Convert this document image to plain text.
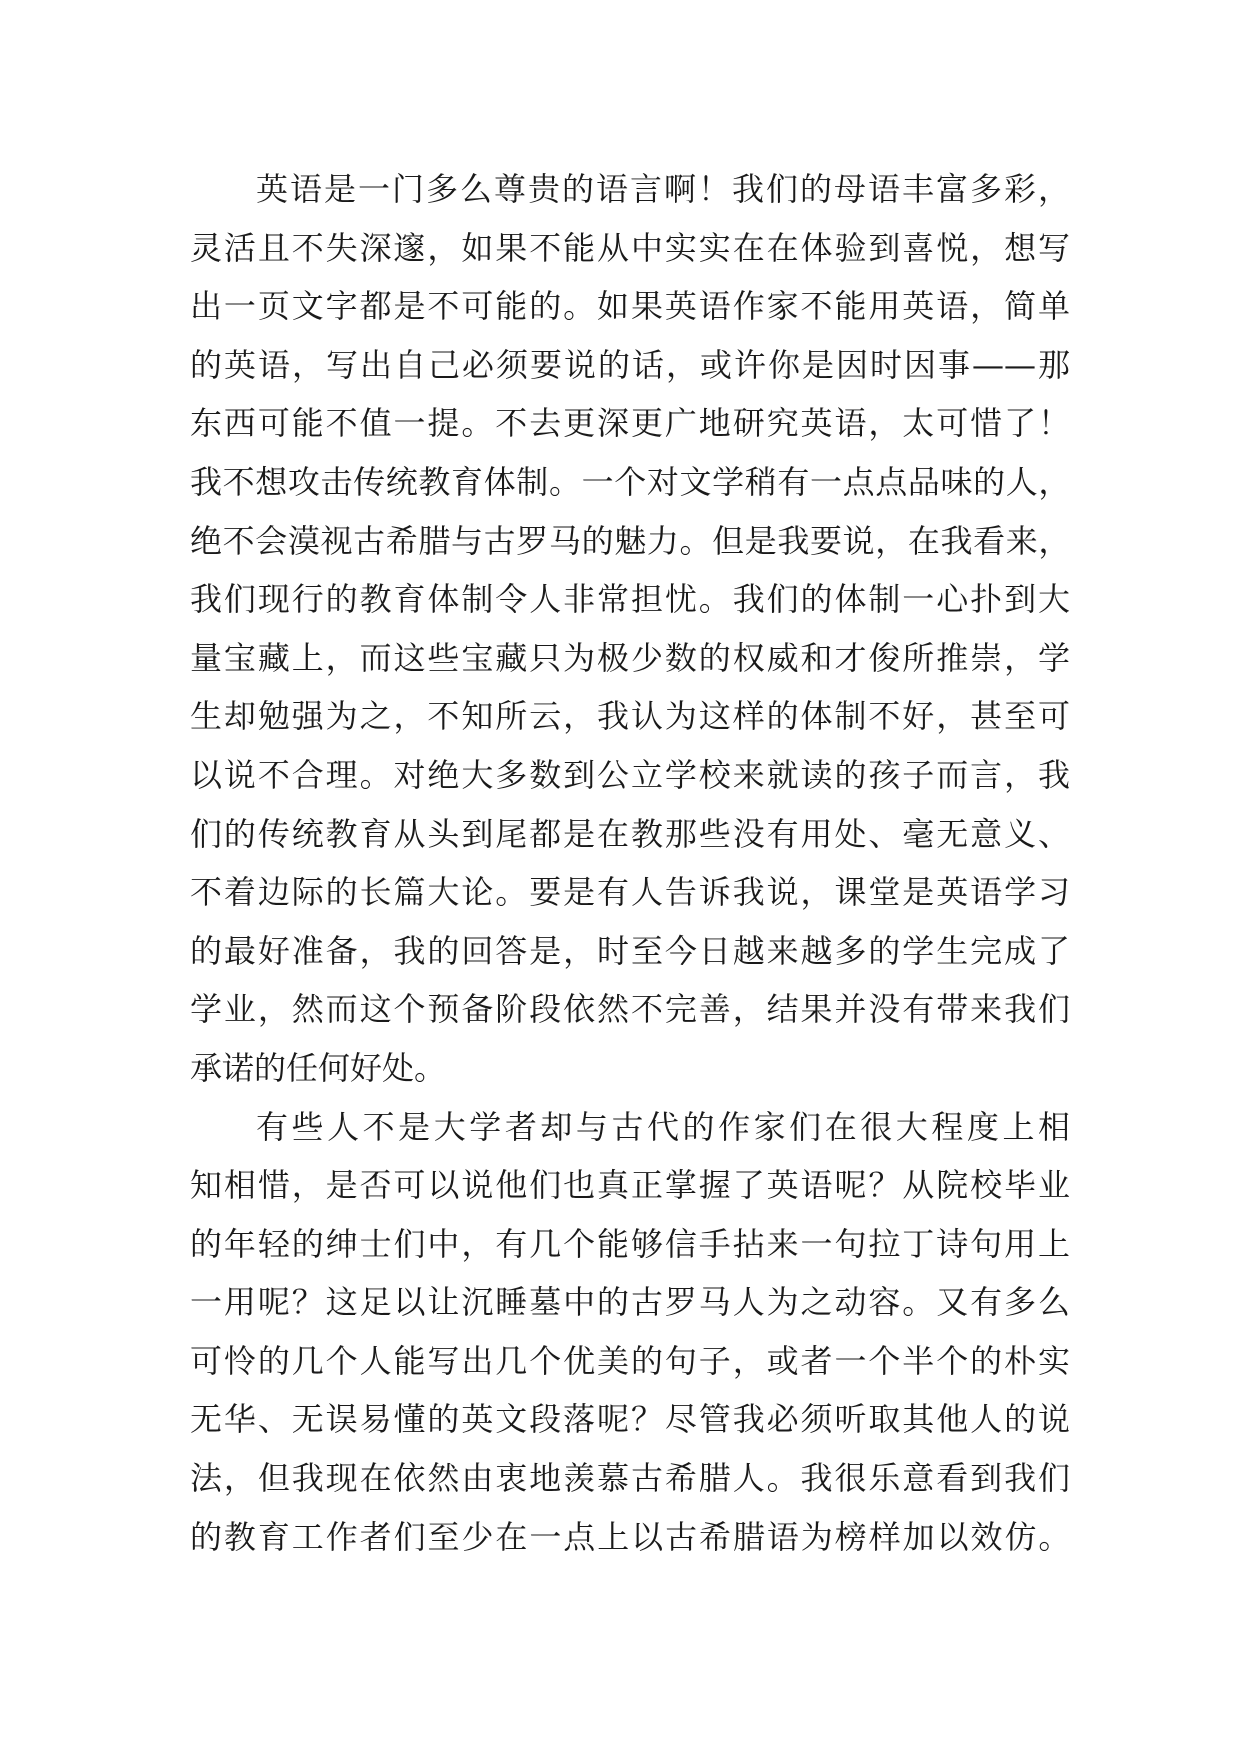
英语是一门多么尊贵的语言啊！我们的母语丰富多彩，
灵活且不失深邃，如果不能从中实实在在体验到喜悦，想写
出一页文字都是不可能的。如果英语作家不能用英语，简单
的英语，写出自己必须要说的话，或许你是因时因事——那
东西可能不值一提。不去更深更广地研究英语，太可惜了！
我不想攻击传统教育体制。一个对文学稍有一点点品味的人，
绝不会漠视古希腊与古罗马的魅力。但是我要说，在我看来，
我们现行的教育体制令人非常担忧。我们的体制一心扑到大
量宝藏上，而这些宝藏只为极少数的权威和才俊所推崇，学
生却勉强为之，不知所云，我认为这样的体制不好，甚至可
以说不合理。对绝大多数到公立学校来就读的孩子而言，我
们的传统教育从头到尾都是在教那些没有用处、毫无意义、
不着边际的长篇大论。要是有人告诉我说，课堂是英语学习
的最好准备，我的回答是，时至今日越来越多的学生完成了
学业，然而这个预备阶段依然不完善，结果并没有带来我们
承诺的任何好处。
有些人不是大学者却与古代的作家们在很大程度上相
知相惜，是否可以说他们也真正掌握了英语呢？从院校毕业
的年轻的绅士们中，有几个能够信手拈来一句拉丁诗句用上
一用呢？这足以让沉睡墓中的古罗马人为之动容。又有多么
可怜的几个人能写出几个优美的句子，或者一个半个的朴实
无华、无误易懂的英文段落呢？尽管我必须听取其他人的说
法，但我现在依然由衷地羡慕古希腊人。我很乐意看到我们
的教育工作者们至少在一点上以古希腊语为榜样加以效仿。
